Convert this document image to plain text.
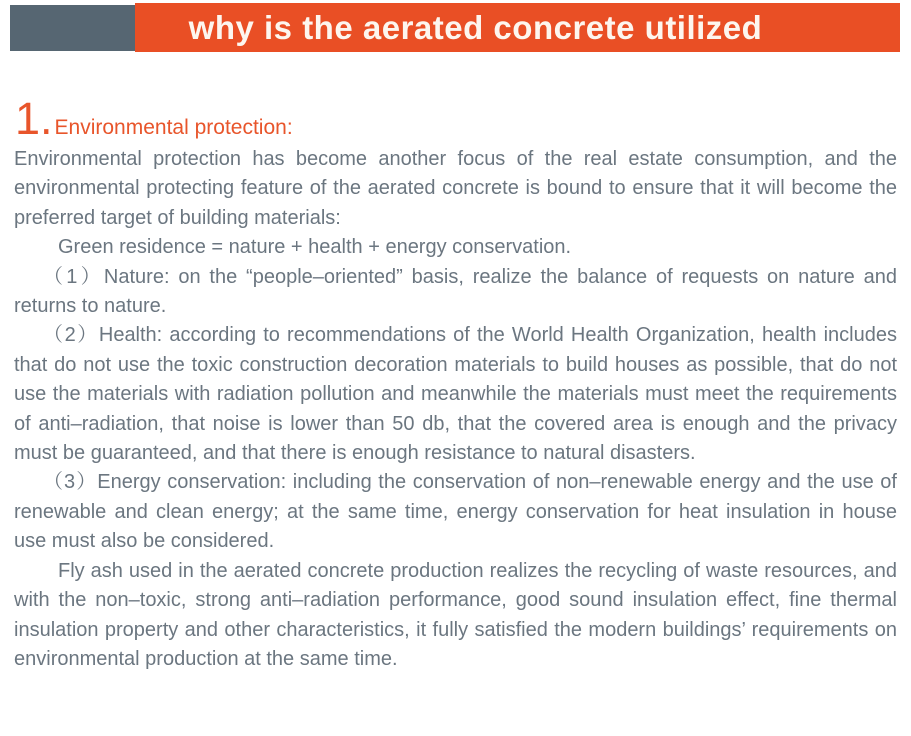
why is the aerated concrete utilized
1. Environmental protection:

Environmental protection has become another focus of the real estate consumption, and the environmental protecting feature of the aerated concrete is bound to ensure that it will become the preferred target of building materials:

Green residence = nature + health + energy conservation.

（1）Nature: on the “people–oriented” basis, realize the balance of requests on nature and returns to nature.

（2）Health: according to recommendations of the World Health Organization, health includes that do not use the toxic construction decoration materials to build houses as possible, that do not use the materials with radiation pollution and meanwhile the materials must meet the requirements of anti–radiation, that noise is lower than 50 db, that the covered area is enough and the privacy must be guaranteed, and that there is enough resistance to natural disasters.

（3）Energy conservation: including the conservation of non–renewable energy and the use of renewable and clean energy; at the same time, energy conservation for heat insulation in house use must also be considered.

Fly ash used in the aerated concrete production realizes the recycling of waste resources, and with the non–toxic, strong anti–radiation performance, good sound insulation effect, fine thermal insulation property and other characteristics, it fully satisfied the modern buildings’ requirements on environmental production at the same time.
